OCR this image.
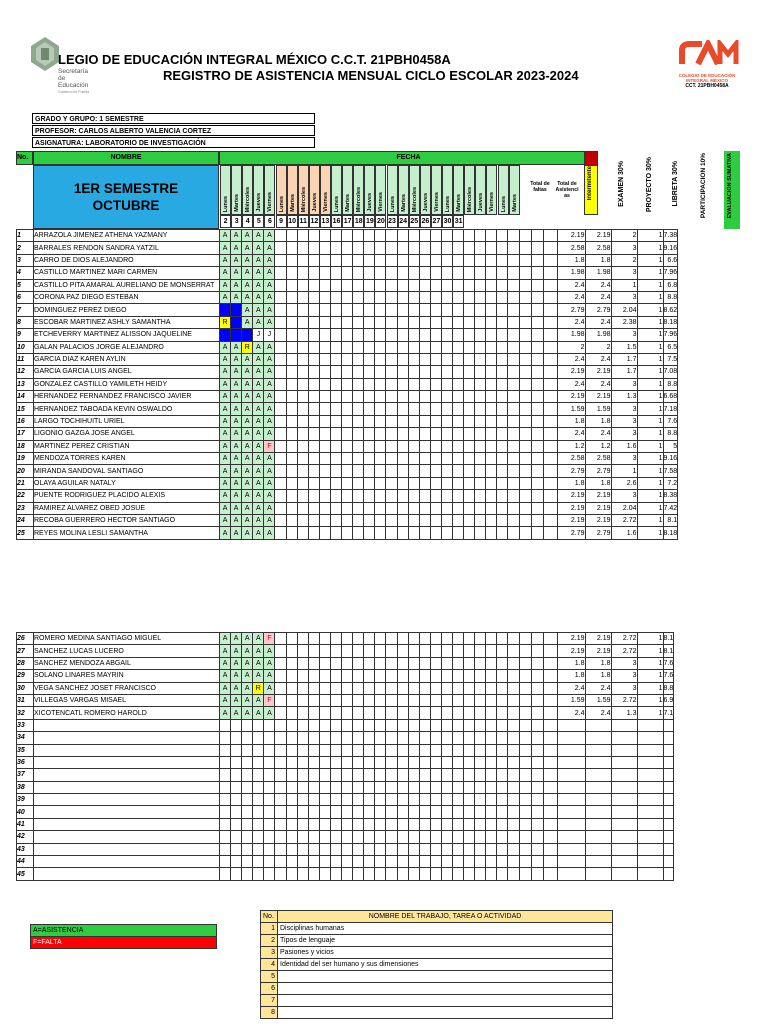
Secretaría
de Educación
Gobierno de Puebla
LEGIO DE EDUCACIÓN INTEGRAL MÉXICO C.C.T. 21PBH0458A
REGISTRO DE ASISTENCIA MENSUAL CICLO ESCOLAR 2023-2024	COLEGIO DE EDUCACIÓN
INTEGRAL MÉXICO
CCT. 21PBH0458A
GRADO Y GRUPO: 1 SEMESTRE
PROFESOR: CARLOS ALBERTO VALENCIA CORTEZ
ASIGNATURA: LABORATORIO DE INVESTIGACIÓN
No.	NOMBRE	FECHA
1ER SEMESTRE
OCTUBRE	Lunes Martes Miércoles Jueves Viernes Lunes Martes Miércoles Jueves Viernes Lunes Martes Miércoles Jueves Viernes Lunes Martes Miércoles Jueves Viernes Lunes Martes Miércoles Jueves Viernes Lunes Martes
2	3	4	5	6	9 10 11 12 13 16 17 18 19 20 23 24 25 26 27 30 31
Total de faltas
Total de Asistenci as	Intermitente	EXAMEN 30%	PROYECTO 30%	LIBRETA 30%	PARTICIPACION 10%	EVALUACION SUMATIVA
1	ARRAZOLA JIMENEZ ATHENA YAZMANY	A	A	A	A	A																										2.19	2.19	2	1	7.38
2	BARRALES RENDON SANDRA YATZIL	A	A	A	A	A																										2.58	2.58	3	1	9.16
3	CARRO DE DIOS ALEJANDRO	A	A	A	A	A																										1.8	1.8	2	1	6.6
4	CASTILLO MARTINEZ MARI CARMEN	A	A	A	A	A																										1.98	1.98	3	1	7.96
5	CASTILLO PITA AMARAL AURELIANO DE MONSERRAT	A	A	A	A	A																										2.4	2.4	1	1	6.8
6	CORONA PAZ DIEGO ESTEBAN	A	A	A	A	A																										2.4	2.4	3	1	8.8
7	DOMINGUEZ PEREZ DIEGO			A	A	A																										2.79	2.79	2.04	1	8.62
8	ESCOBAR MARTINEZ ASHLY SAMANTHA	R		A	A	A																										2.4	2.4	2.38	1	8.18
9	ETCHEVERRY MARTINEZ ALISSON JAQUELINE				J	J																										1.98	1.98	3	1	7.96
10	GALAN PALACIOS JORGE ALEJANDRO	A	A	R	A	A																										2	2	1.5	1	6.5
11	GARCIA DIAZ KAREN AYLIN	A	A	A	A	A																										2.4	2.4	1.7	1	7.5
12	GARCIA GARCIA LUIS ANGEL	A	A	A	A	A																										2.19	2.19	1.7	1	7.08
13	GONZALEZ CASTILLO YAMILETH HEIDY	A	A	A	A	A																										2.4	2.4	3	1	8.8
14	HERNANDEZ FERNANDEZ FRANCISCO JAVIER	A	A	A	A	A																										2.19	2.19	1.3	1	6.68
15	HERNANDEZ TABOADA KEVIN OSWALDO	A	A	A	A	A																										1.59	1.59	3	1	7.18
16	LARGO TOCHIHUITL URIEL	A	A	A	A	A																										1.8	1.8	3	1	7.6
17	LIGONIO GAZGA JOSE ANGEL	A	A	A	A	A																										2.4	2.4	3	1	8.8
18	MARTINEZ PEREZ CRISTIAN	A	A	A	A	F																										1.2	1.2	1.6	1	5
19	MENDOZA TORRES KAREN	A	A	A	A	A																										2.58	2.58	3	1	9.16
20	MIRANDA SANDOVAL SANTIAGO	A	A	A	A	A																										2.79	2.79	1	1	7.58
21	OLAYA AGUILAR NATALY	A	A	A	A	A																										1.8	1.8	2.6	1	7.2
22	PUENTE RODRIGUEZ PLACIDO ALEXIS	A	A	A	A	A																										2.19	2.19	3	1	8.38
23	RAMIREZ ALVAREZ OBED JOSUE	A	A	A	A	A																										2.19	2.19	2.04	1	7.42
24	RECOBA GUERRERO HECTOR SANTIAGO	A	A	A	A	A																										2.19	2.19	2.72	1	8.1
25	REYES MOLINA LESLI SAMANTHA	A	A	A	A	A																										2.79	2.79	1.6	1	8.18
26	ROMERO MEDINA SANTIAGO MIGUEL	A	A	A	A	F																										2.19	2.19	2.72	1	8.1
27	SANCHEZ LUCAS LUCERO	A	A	A	A	A																										2.19	2.19	2.72	1	8.1
28	SANCHEZ MENDOZA ABGAIL	A	A	A	A	A																										1.8	1.8	3	1	7.6
29	SOLANO LINARES MAYRIN	A	A	A	A	A																										1.8	1.8	3	1	7.6
30	VEGA SANCHEZ JOSET FRANCISCO	A	A	A	R	A																										2.4	2.4	3	1	8.8
31	VILLEGAS VARGAS MISAEL	A	A	A	A	F																										1.59	1.59	2.72	1	6.9
32	XICOTENCATL ROMERO HAROLD	A	A	A	A	A																										2.4	2.4	1.3	1	7.1
33																																				
34																																				
35																																				
36																																				
37																																				
38																																				
39																																				
40																																				
41																																				
42																																				
43																																				
44																																				
45																																				
A=ASISTENCIA
F=FALTA
No.	NOMBRE DEL TRABAJO, TAREA O ACTIVIDAD
1	Disciplinas humanas
2	Tipos de lenguaje
3	Pasiones y vicios
4	Identidad del ser humano y sus dimensiones
5	
6	
7	
8	
